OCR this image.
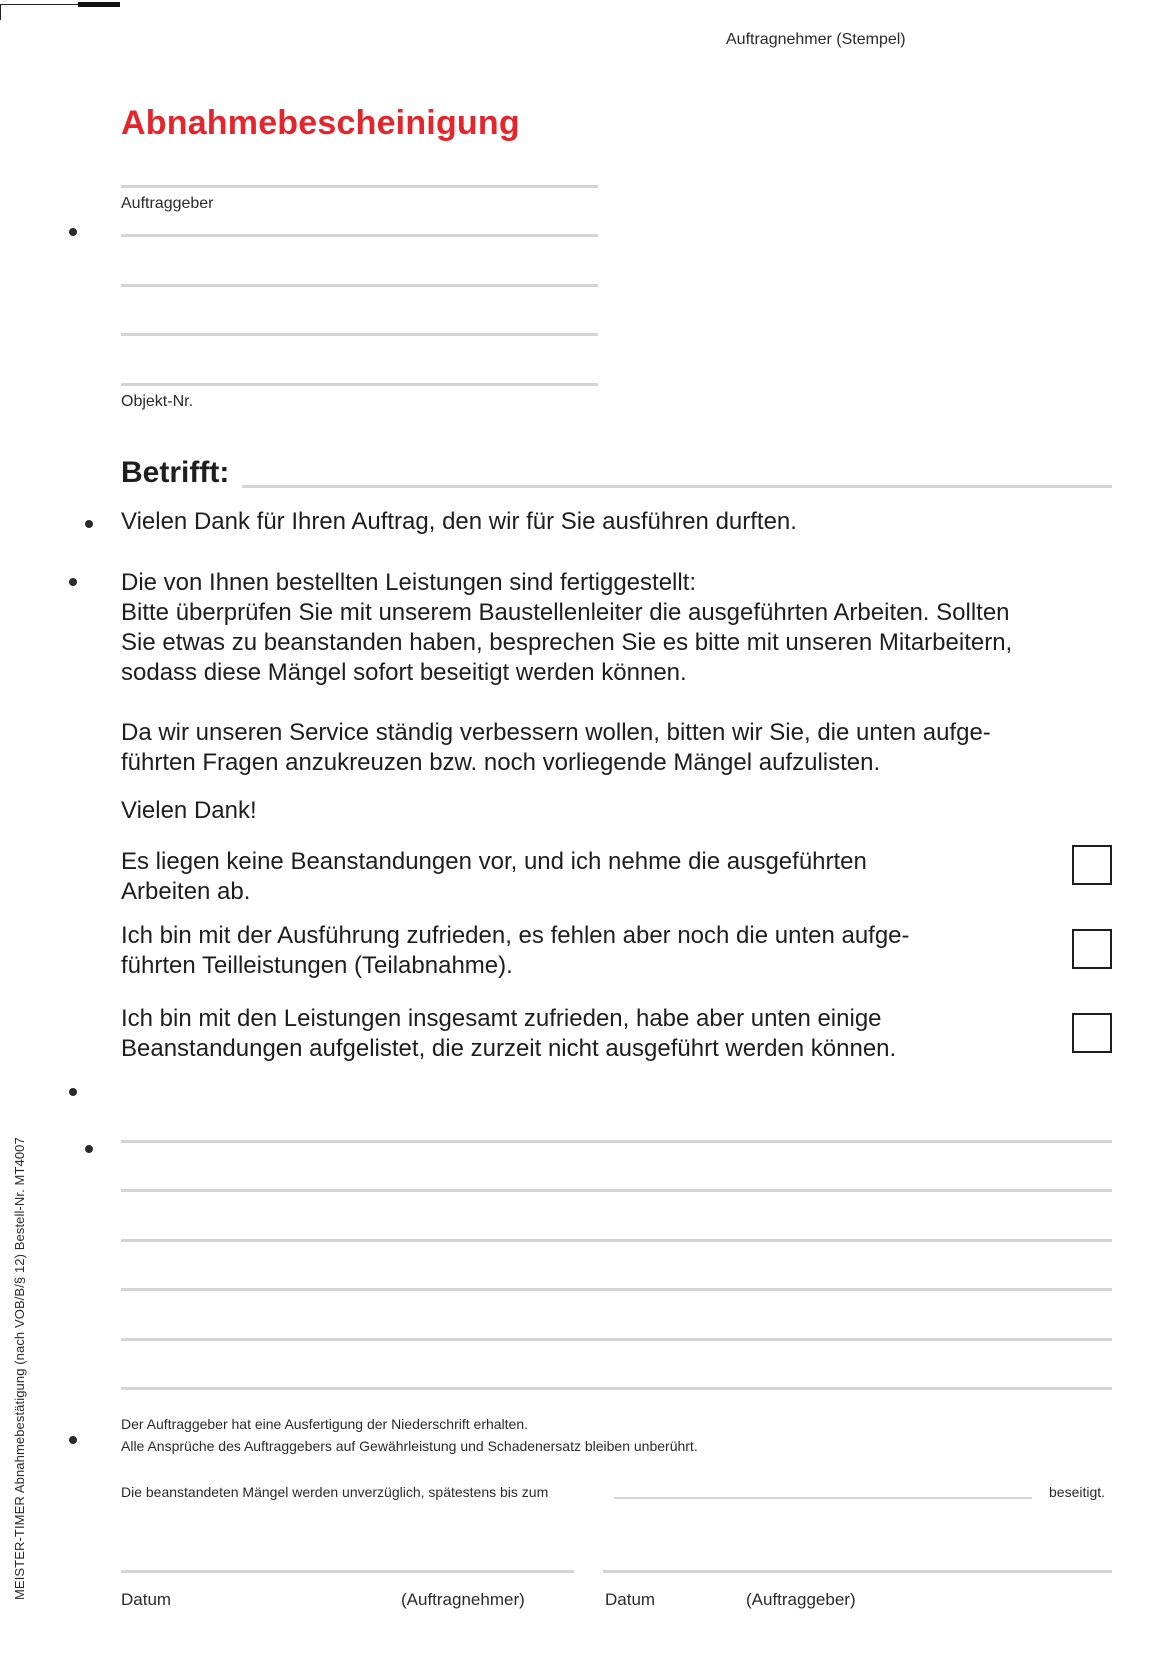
Auftragnehmer (Stempel)
Abnahmebescheinigung
Auftraggeber
Objekt-Nr.
Betrifft:
Vielen Dank für Ihren Auftrag, den wir für Sie ausführen durften.
Die von Ihnen bestellten Leistungen sind fertiggestellt:
Bitte überprüfen Sie mit unserem Baustellenleiter die ausgeführten Arbeiten. Sollten
Sie etwas zu beanstanden haben, besprechen Sie es bitte mit unseren Mitarbeitern,
sodass diese Mängel sofort beseitigt werden können.
Da wir unseren Service ständig verbessern wollen, bitten wir Sie, die unten aufge-
führten Fragen anzukreuzen bzw. noch vorliegende Mängel aufzulisten.
Vielen Dank!
Es liegen keine Beanstandungen vor, und ich nehme die ausgeführten
Arbeiten ab.
Ich bin mit der Ausführung zufrieden, es fehlen aber noch die unten aufge-
führten Teilleistungen (Teilabnahme).
Ich bin mit den Leistungen insgesamt zufrieden, habe aber unten einige
Beanstandungen aufgelistet, die zurzeit nicht ausgeführt werden können.
Der Auftraggeber hat eine Ausfertigung der Niederschrift erhalten.
Alle Ansprüche des Auftraggebers auf Gewährleistung und Schadenersatz bleiben unberührt.
Die beanstandeten Mängel werden unverzüglich, spätestens bis zum	beseitigt.
Datum	(Auftragnehmer)	Datum	(Auftraggeber)
MEISTER-TIMER Abnahmebestätigung (nach VOB/B/§ 12) Bestell-Nr. MT4007
